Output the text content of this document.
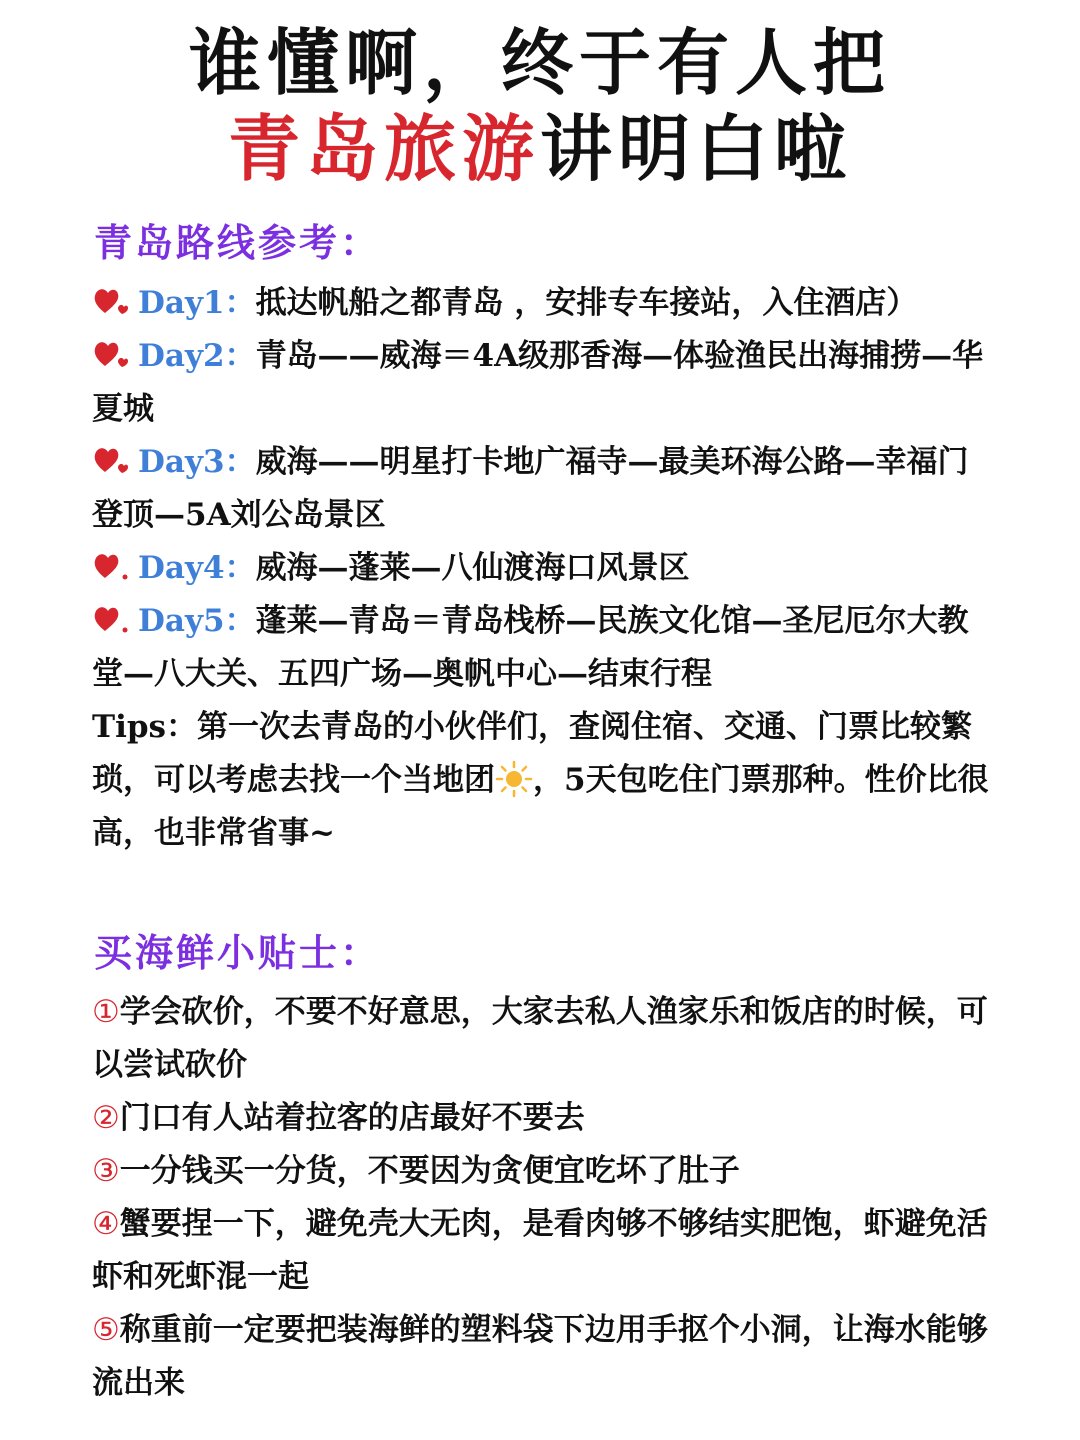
谁懂啊，终于有人把
青岛旅游讲明白啦
青岛路线参考：
Day1：抵达帆船之都青岛 ，安排专车接站，入住酒店）
Day2：青岛——威海＝4A级那香海—体验渔民出海捕捞—华夏城
Day3：威海——明星打卡地广福寺—最美环海公路—幸福门登顶—5A刘公岛景区
Day4：威海—蓬莱—八仙渡海口风景区
Day5：蓬莱—青岛＝青岛栈桥—民族文化馆—圣尼厄尔大教堂—八大关、五四广场—奥帆中心—结束行程
Tips：第一次去青岛的小伙伴们，查阅住宿、交通、门票比较繁琐，可以考虑去找一个当地团 ，5天包吃住门票那种。性价比很高，也非常省事~
买海鲜小贴士：
①学会砍价，不要不好意思，大家去私人渔家乐和饭店的时候，可以尝试砍价
②门口有人站着拉客的店最好不要去
③一分钱买一分货，不要因为贪便宜吃坏了肚子
④蟹要捏一下，避免壳大无肉，是看肉够不够结实肥饱，虾避免活虾和死虾混一起
⑤称重前一定要把装海鲜的塑料袋下边用手抠个小洞，让海水能够流出来
